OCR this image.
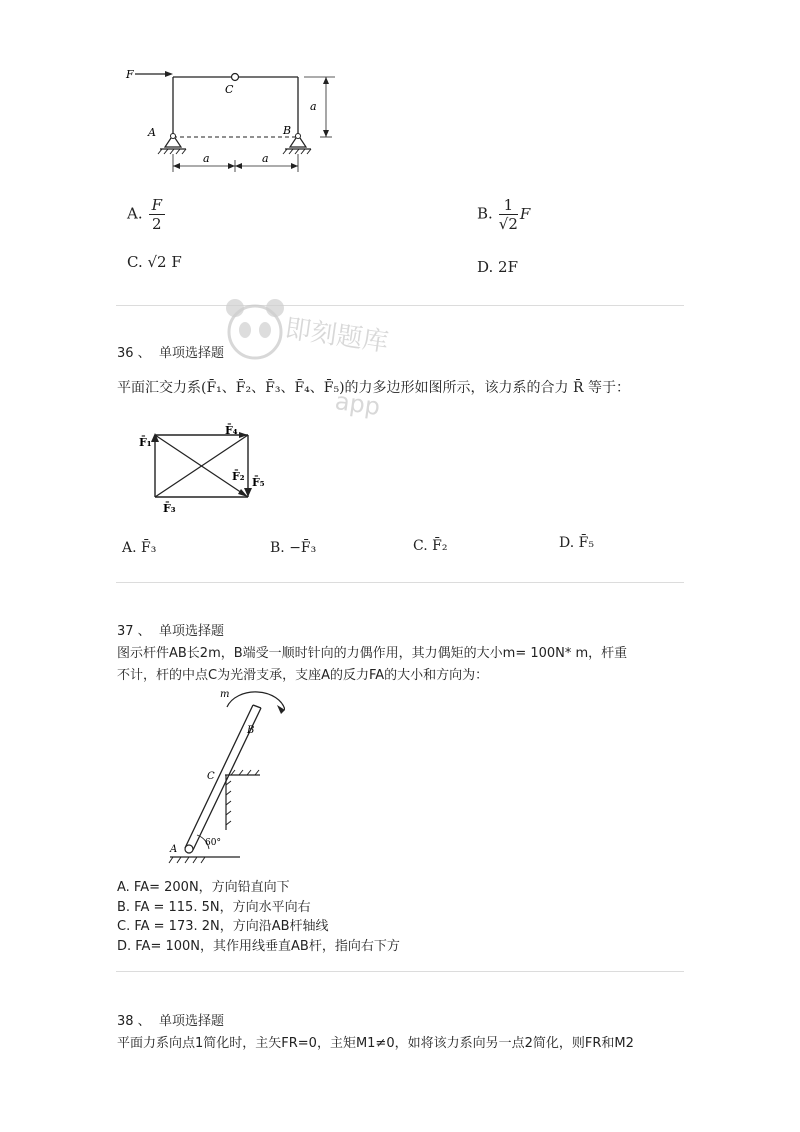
F
C
A	B
a
a	a
A. $\frac{F}{2}$	B. $\frac{1}{√2}$ F
C. √2 F	D. 2F
即刻题库
app
36 、 单项选择题
平面汇交力系(F̄₁、F̄₂、F̄₃、F̄₄、F̄₅)的力多边形如图所示，该力系的合力 R̄ 等于：
F̄₁
F̄₄
F̄₂ F̄₅
F̄₃
A. F̄₃	B. −F̄₃	C. F̄₂	D. F̄₅
37 、 单项选择题
图示杆件AB长2m，B端受一顺时针向的力偶作用，其力偶矩的大小m= 100N* m，杆重
不计，杆的中点C为光滑支承，支座A的反力FA的大小和方向为：
m
B
C
A
60°
A. FA= 200N，方向铅直向下
B. FA = 115. 5N，方向水平向右
C. FA = 173. 2N，方向沿AB杆轴线
D. FA= 100N，其作用线垂直AB杆，指向右下方
38 、 单项选择题
平面力系向点1简化时，主矢FR=0，主矩M1≠0，如将该力系向另一点2简化，则FR和M2
